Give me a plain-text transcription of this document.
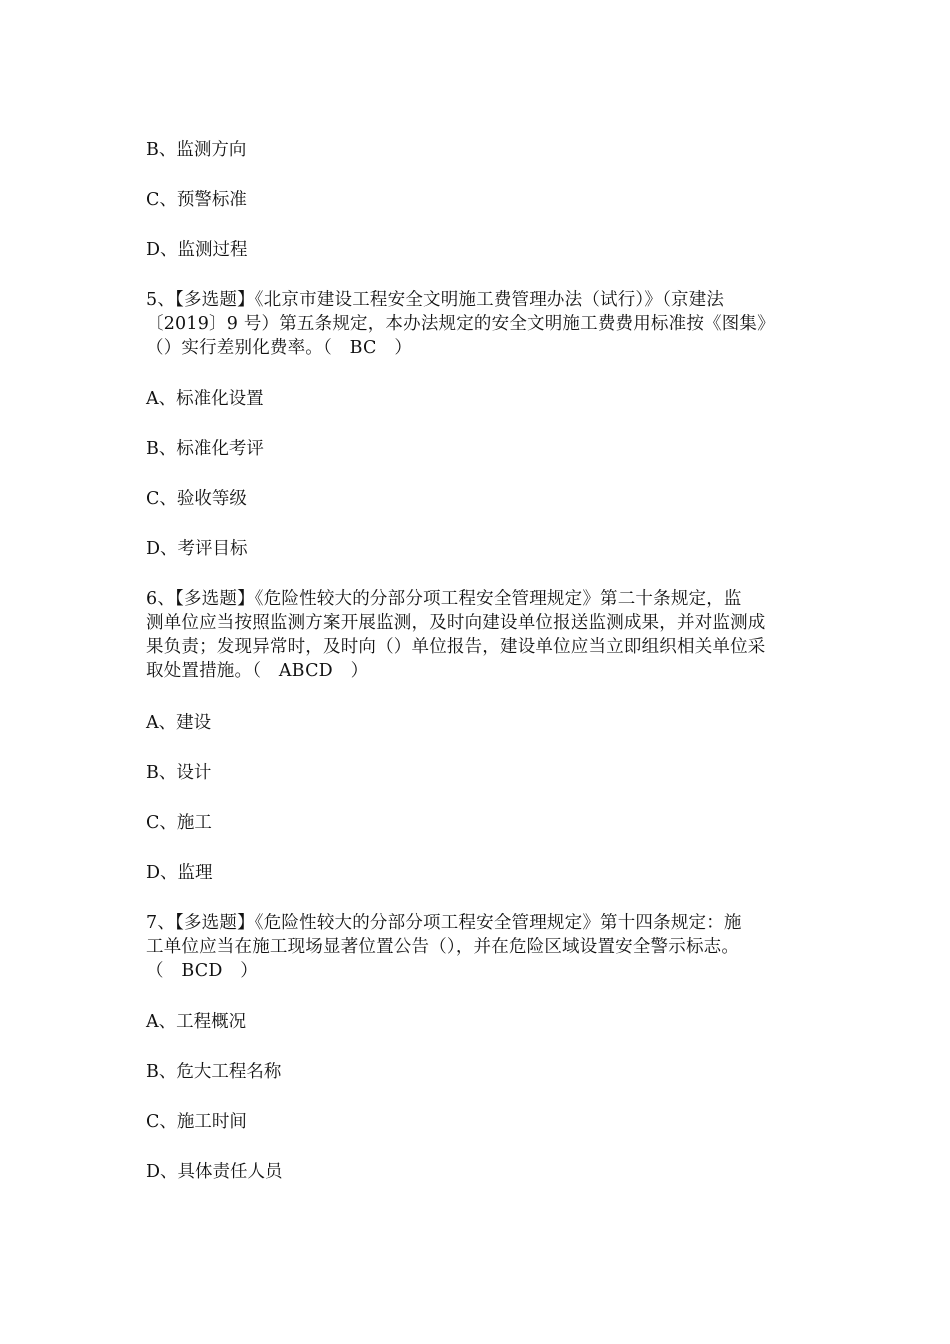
B、监测方向
C、预警标准
D、监测过程
5、【多选题】《北京市建设工程安全文明施工费管理办法（试行）》（京建法
〔2019〕9 号）第五条规定，本办法规定的安全文明施工费费用标准按《图集》
（）实行差别化费率。（　BC　）
A、标准化设置
B、标准化考评
C、验收等级
D、考评目标
6、【多选题】《危险性较大的分部分项工程安全管理规定》第二十条规定，监
测单位应当按照监测方案开展监测，及时向建设单位报送监测成果，并对监测成
果负责；发现异常时，及时向（）单位报告，建设单位应当立即组织相关单位采
取处置措施。（　ABCD　）
A、建设
B、设计
C、施工
D、监理
7、【多选题】《危险性较大的分部分项工程安全管理规定》第十四条规定：施
工单位应当在施工现场显著位置公告（），并在危险区域设置安全警示标志。
（　BCD　）
A、工程概况
B、危大工程名称
C、施工时间
D、具体责任人员
